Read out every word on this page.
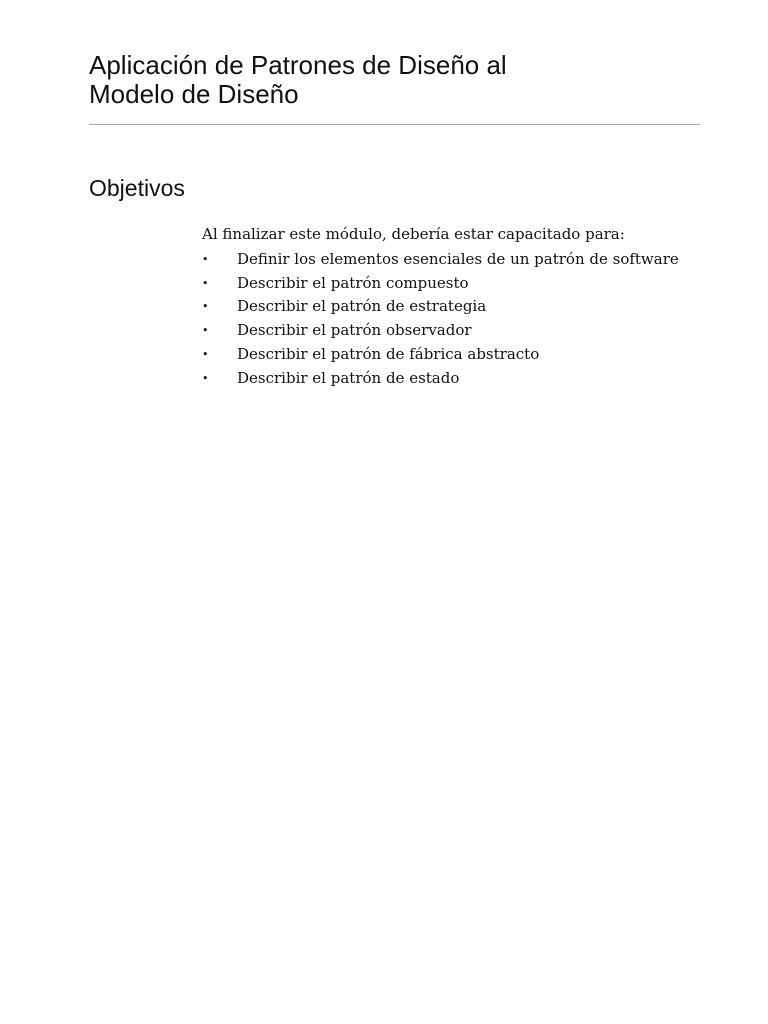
Aplicación de Patrones de Diseño al
Modelo de Diseño
Objetivos

Al finalizar este módulo, debería estar capacitado para:

• Definir los elementos esenciales de un patrón de software
• Describir el patrón compuesto
• Describir el patrón de estrategia
• Describir el patrón observador
• Describir el patrón de fábrica abstracto
• Describir el patrón de estado
